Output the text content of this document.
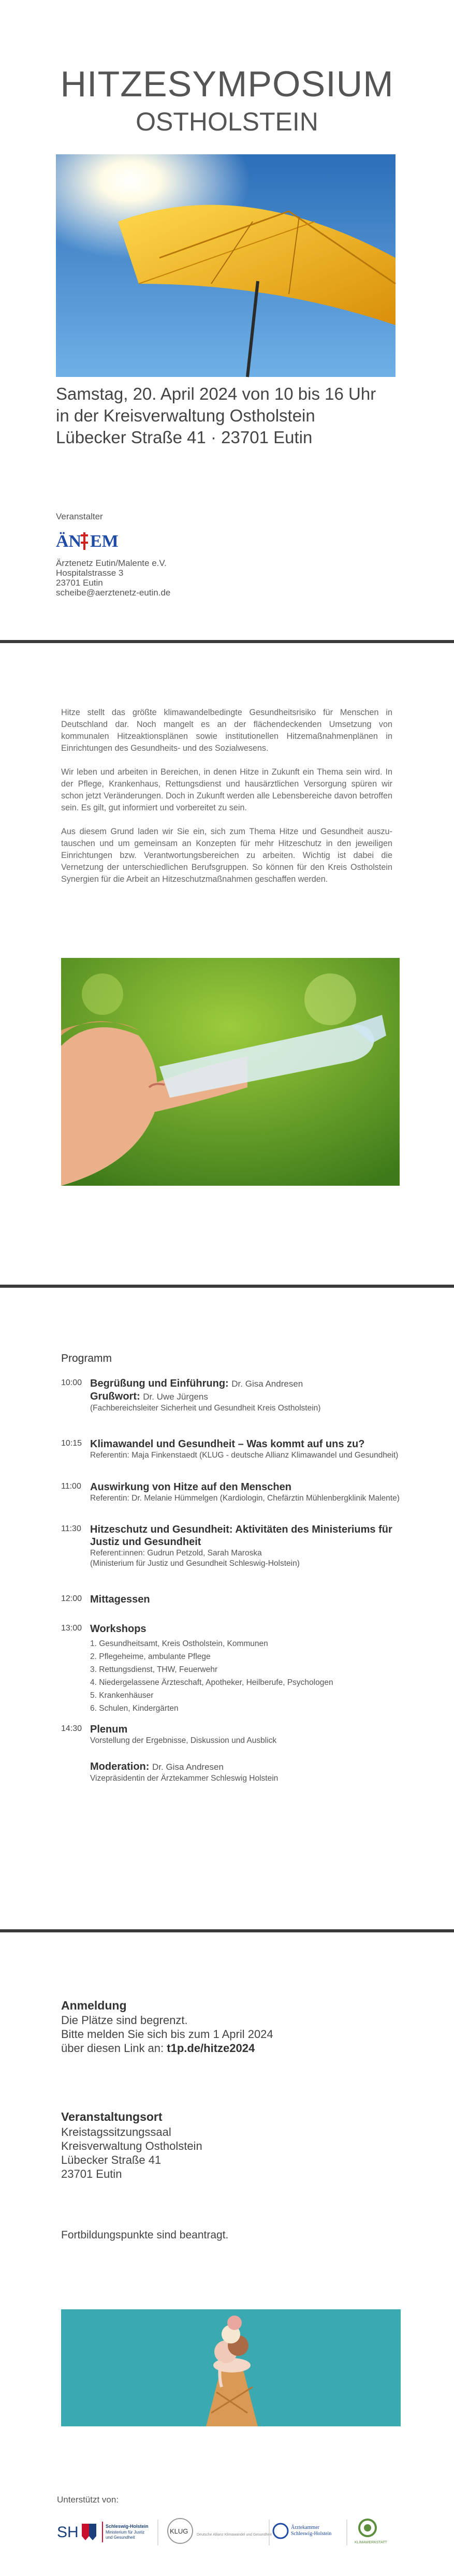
HITZESYMPOSIUM
OSTHOLSTEIN
Samstag, 20. April 2024 von 10 bis 16 Uhr
in der Kreisverwaltung Ostholstein
Lübecker Straße 41 · 23701 Eutin
Veranstalter
ÄN EM
Ärztenetz Eutin/Malente e.V.
Hospitalstrasse 3
23701 Eutin
scheibe@aerztenetz-eutin.de

Hitze stellt das größte klimawandelbedingte Gesundheitsrisiko für Menschen in Deutschland dar. Noch mangelt es an der flächendeckenden Umsetzung von kommunalen Hitzeaktionsplänen sowie institutionellen Hitzemaßnahmenplänen in Einrichtungen des Gesundheits- und des Sozialwesens.

Wir leben und arbeiten in Bereichen, in denen Hitze in Zukunft ein Thema sein wird. In der Pflege, Krankenhaus, Rettungsdienst und hausärztlichen Versorgung spüren wir schon jetzt Veränderungen. Doch in Zukunft werden alle Lebensbereiche davon betroffen sein. Es gilt, gut informiert und vorbereitet zu sein.

Aus diesem Grund laden wir Sie ein, sich zum Thema Hitze und Gesundheit auszu-tauschen und um gemeinsam an Konzepten für mehr Hitzeschutz in den jeweiligen Einrichtungen bzw. Verantwortungsbereichen zu arbeiten. Wichtig ist dabei die Vernetzung der unterschiedlichen Berufsgruppen. So können für den Kreis Ostholstein Synergien für die Arbeit an Hitzeschutzmaßnahmen geschaffen werden.

Programm
10:00 Begrüßung und Einführung: Dr. Gisa Andresen
Grußwort: Dr. Uwe Jürgens
(Fachbereichsleiter Sicherheit und Gesundheit Kreis Ostholstein)
10:15 Klimawandel und Gesundheit – Was kommt auf uns zu?
Referentin: Maja Finkenstaedt (KLUG - deutsche Allianz Klimawandel und Gesundheit)
11:00 Auswirkung von Hitze auf den Menschen
Referentin: Dr. Melanie Hümmelgen (Kardiologin, Chefärztin Mühlenbergklinik Malente)
11:30 Hitzeschutz und Gesundheit: Aktivitäten des Ministeriums für Justiz und Gesundheit
Referent:innen: Gudrun Petzold, Sarah Maroska
(Ministerium für Justiz und Gesundheit Schleswig-Holstein)
12:00 Mittagessen
13:00 Workshops
1. Gesundheitsamt, Kreis Ostholstein, Kommunen
2. Pflegeheime, ambulante Pflege
3. Rettungsdienst, THW, Feuerwehr
4. Niedergelassene Ärzteschaft, Apotheker, Heilberufe, Psychologen
5. Krankenhäuser
6. Schulen, Kindergärten
14:30 Plenum
Vorstellung der Ergebnisse, Diskussion und Ausblick
Moderation: Dr. Gisa Andresen
Vizepräsidentin der Ärztekammer Schleswig Holstein
Anmeldung
Die Plätze sind begrenzt.
Bitte melden Sie sich bis zum 1 April 2024
über diesen Link an: t1p.de/hitze2024
Veranstaltungsort
Kreistagssitzungssaal
Kreisverwaltung Ostholstein
Lübecker Straße 41
23701 Eutin
Fortbildungspunkte sind beantragt.
Unterstützt von:
SH	Schleswig-Holstein
Ministerium für Justiz
und Gesundheit
KLUG Deutsche Allianz Klimawandel und Gesundheit
Ärztekammer
Schleswig-Holstein
KLIMAWERKSTATT
